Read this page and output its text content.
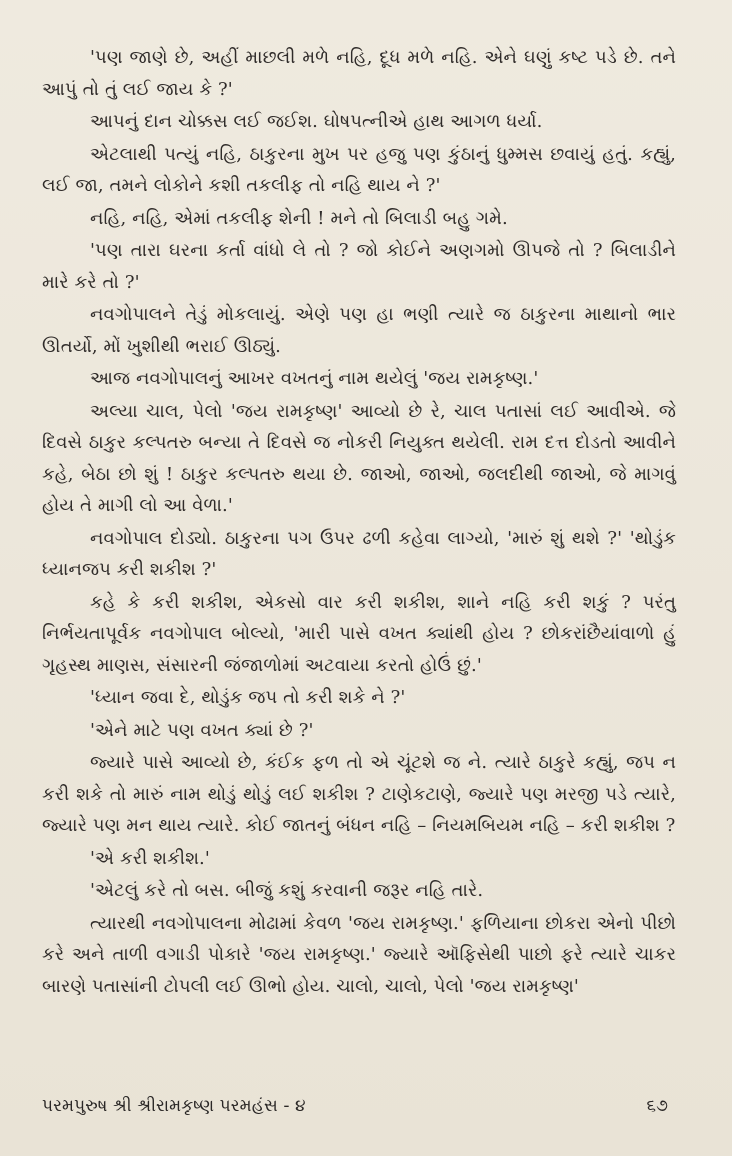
'પણ જાણે છે, અહીં માછલી મળે નહિ, દૂધ મળે નહિ. એને ઘણું કષ્ટ પડે છે. તને આપું તો તું લઈ જાય કે ?'

આપનું દાન ચોક્કસ લઈ જઈશ. ઘોષપત્નીએ હાથ આગળ ધર્યા.

એટલાથી પત્યું નહિ, ઠાકુરના મુખ પર હજુ પણ કુંઠાનું ધુમ્મસ છવાયું હતું. કહ્યું, લઈ જા, તમને લોકોને કશી તકલીફ તો નહિ થાય ને ?'

નહિ, નહિ, એમાં તકલીફ શેની ! મને તો બિલાડી બહુ ગમે.

'પણ તારા ઘરના કર્તા વાંધો લે તો ? જો કોઈને અણગમો ઊપજે તો ? બિલાડીને મારે કરે તો ?'

નવગોપાલને તેડું મોકલાયું. એણે પણ હા ભણી ત્યારે જ ઠાકુરના માથાનો ભાર ઊતર્યો, મોં ખુશીથી ભરાઈ ઊઠ્યું.

આજ નવગોપાલનું આખર વખતનું નામ થયેલું 'જય રામકૃષ્ણ.'

અલ્યા ચાલ, પેલો 'જય રામકૃષ્ણ' આવ્યો છે રે, ચાલ પતાસાં લઈ આવીએ. જે દિવસે ઠાકુર કલ્પતરુ બન્યા તે દિવસે જ નોકરી નિયુક્ત થયેલી. રામ દત્ત દોડતો આવીને કહે, બેઠા છો શું ! ઠાકુર કલ્પતરુ થયા છે. જાઓ, જાઓ, જલદીથી જાઓ, જે માગવું હોય તે માગી લો આ વેળા.'

નવગોપાલ દોડ્યો. ઠાકુરના પગ ઉપર ઢળી કહેવા લાગ્યો, 'મારું શું થશે ?' 'થોડુંક ધ્યાનજપ કરી શકીશ ?'

કહે કે કરી શકીશ, એકસો વાર કરી શકીશ, શાને નહિ કરી શકું ? પરંતુ નિર્ભયતાપૂર્વક નવગોપાલ બોલ્યો, 'મારી પાસે વખત ક્યાંથી હોય ? છોકરાંછૈયાંવાળો હું ગૃહસ્થ માણસ, સંસારની જંજાળોમાં અટવાયા કરતો હોઉં છું.'

'ધ્યાન જવા દે, થોડુંક જપ તો કરી શકે ને ?'

'એને માટે પણ વખત ક્યાં છે ?'

જ્યારે પાસે આવ્યો છે, કંઈક ફળ તો એ ચૂંટશે જ ને. ત્યારે ઠાકુરે કહ્યું, જપ ન કરી શકે તો મારું નામ થોડું થોડું લઈ શકીશ ? ટાણેકટાણે, જ્યારે પણ મરજી પડે ત્યારે, જ્યારે પણ મન થાય ત્યારે. કોઈ જાતનું બંધન નહિ – નિયમબિયમ નહિ – કરી શકીશ ?

'એ કરી શકીશ.'

'એટલું કરે તો બસ. બીજું કશું કરવાની જરૂર નહિ તારે.

ત્યારથી નવગોપાલના મોઢામાં કેવળ 'જય રામકૃષ્ણ.' ફળિયાના છોકરા એનો પીછો કરે અને તાળી વગાડી પોકારે 'જય રામકૃષ્ણ.' જ્યારે ઑફિસેથી પાછો ફરે ત્યારે ચાકર બારણે પતાસાંની ટોપલી લઈ ઊભો હોય. ચાલો, ચાલો, પેલો 'જય રામકૃષ્ણ'

પરમપુરુષ શ્રી શ્રીરામકૃષ્ણ પરમહંસ - ૪	૬૭
